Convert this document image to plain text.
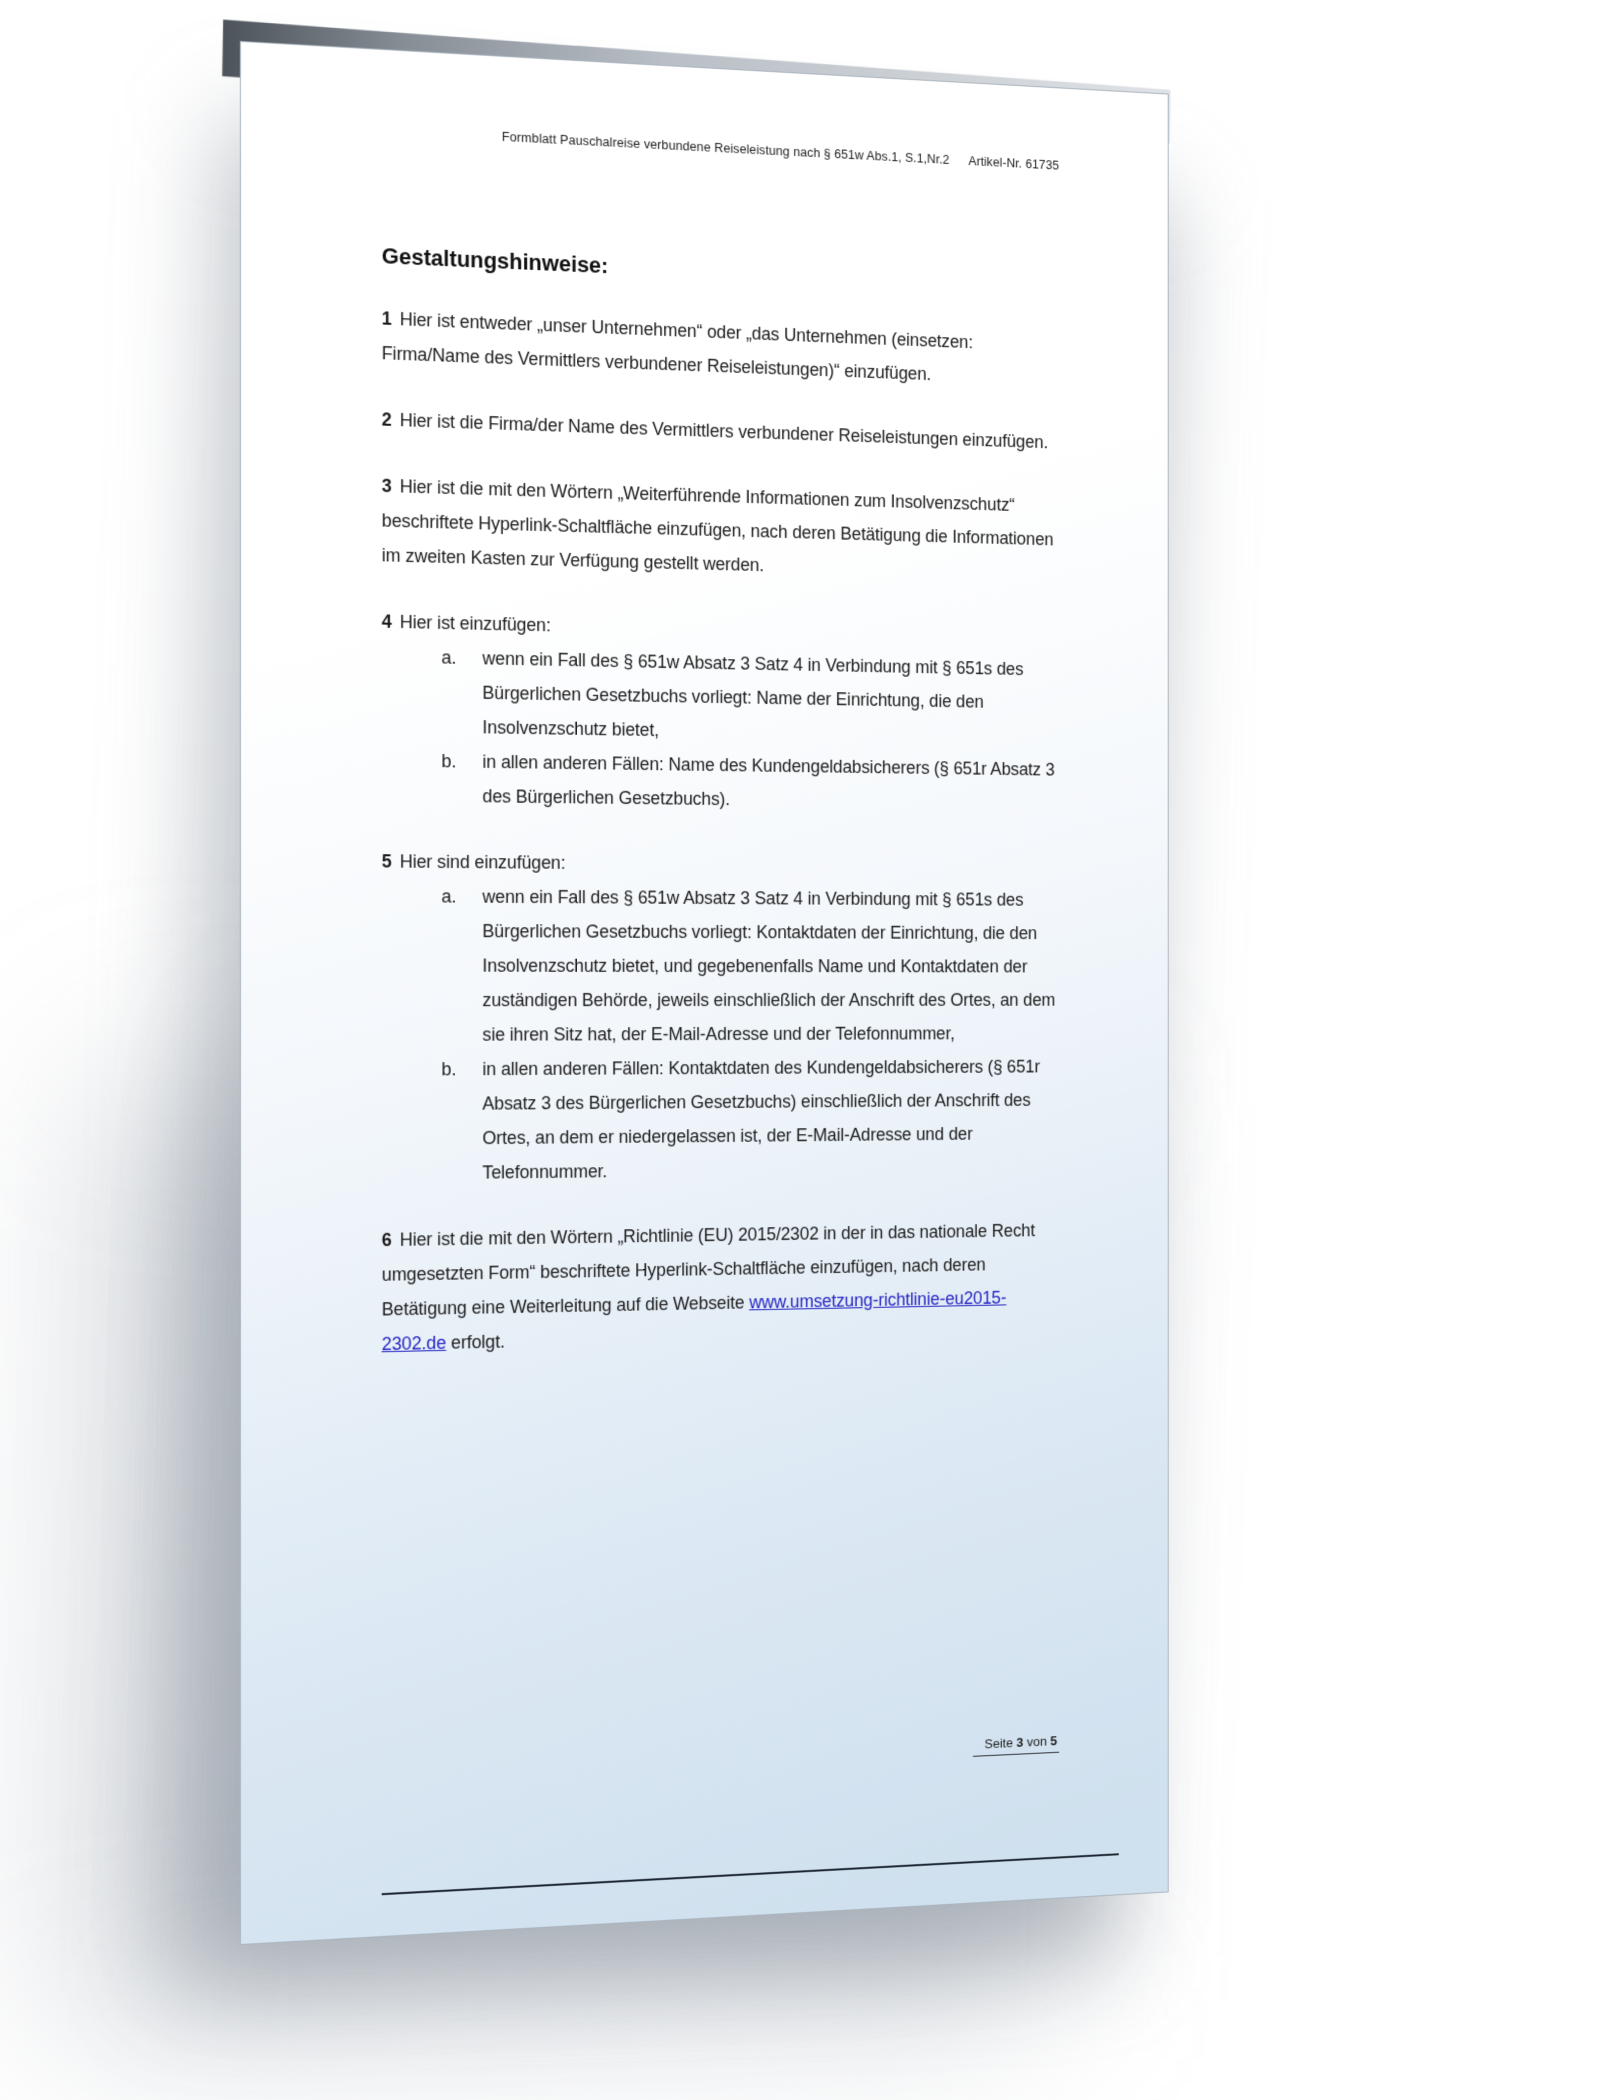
Formblatt Pauschalreise verbundene Reiseleistung nach § 651w Abs.1, S.1,Nr.2 Artikel-Nr. 61735
Gestaltungshinweise:

1 Hier ist entweder „unser Unternehmen“ oder „das Unternehmen (einsetzen: Firma/Name des Vermittlers verbundener Reiseleistungen)“ einzufügen.

2 Hier ist die Firma/der Name des Vermittlers verbundener Reiseleistungen einzufügen.

3 Hier ist die mit den Wörtern „Weiterführende Informationen zum Insolvenzschutz“ beschriftete Hyperlink-Schaltfläche einzufügen, nach deren Betätigung die Informationen im zweiten Kasten zur Verfügung gestellt werden.

4 Hier ist einzufügen:

a.	wenn ein Fall des § 651w Absatz 3 Satz 4 in Verbindung mit § 651s des Bürgerlichen Gesetzbuchs vorliegt: Name der Einrichtung, die den Insolvenzschutz bietet,
b.	in allen anderen Fällen: Name des Kundengeldabsicherers (§ 651r Absatz 3 des Bürgerlichen Gesetzbuchs).

5 Hier sind einzufügen:

a.	wenn ein Fall des § 651w Absatz 3 Satz 4 in Verbindung mit § 651s des Bürgerlichen Gesetzbuchs vorliegt: Kontaktdaten der Einrichtung, die den Insolvenzschutz bietet, und gegebenenfalls Name und Kontaktdaten der zuständigen Behörde, jeweils einschließlich der Anschrift des Ortes, an dem sie ihren Sitz hat, der E-Mail-Adresse und der Telefonnummer,
b.	in allen anderen Fällen: Kontaktdaten des Kundengeldabsicherers (§ 651r Absatz 3 des Bürgerlichen Gesetzbuchs) einschließlich der Anschrift des Ortes, an dem er niedergelassen ist, der E-Mail-Adresse und der Telefonnummer.

6 Hier ist die mit den Wörtern „Richtlinie (EU) 2015/2302 in der in das nationale Recht umgesetzten Form“ beschriftete Hyperlink-Schaltfläche einzufügen, nach deren Betätigung eine Weiterleitung auf die Webseite www.umsetzung-richtlinie-eu2015-2302.de erfolgt.

Seite 3 von 5
